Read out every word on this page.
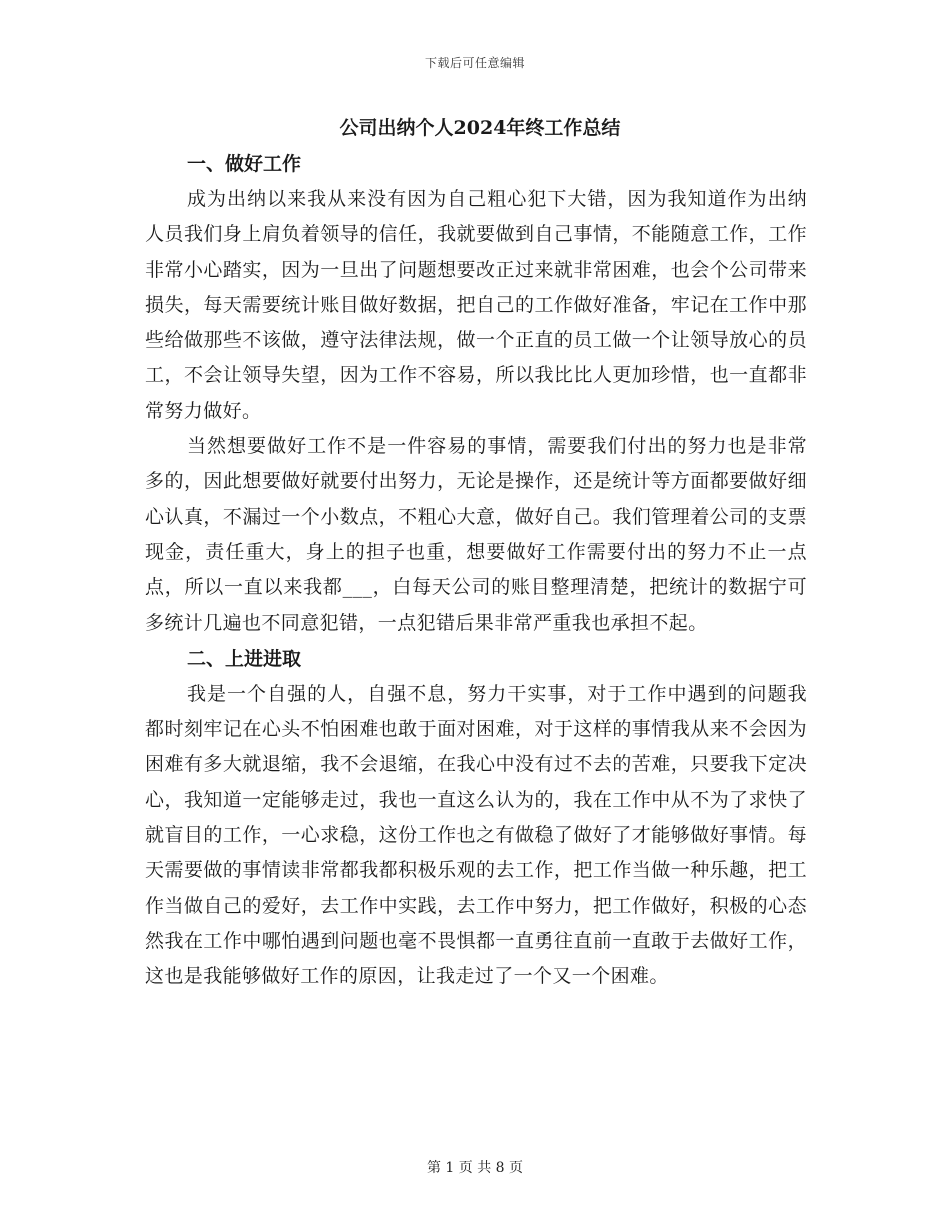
下载后可任意编辑
公司出纳个人2024年终工作总结
一、做好工作

成为出纳以来我从来没有因为自己粗心犯下大错，因为我知道作为出纳人员我们身上肩负着领导的信任，我就要做到自己事情，不能随意工作，工作非常小心踏实，因为一旦出了问题想要改正过来就非常困难，也会个公司带来损失，每天需要统计账目做好数据，把自己的工作做好准备，牢记在工作中那些给做那些不该做，遵守法律法规，做一个正直的员工做一个让领导放心的员工，不会让领导失望，因为工作不容易，所以我比比人更加珍惜，也一直都非常努力做好。

当然想要做好工作不是一件容易的事情，需要我们付出的努力也是非常多的，因此想要做好就要付出努力，无论是操作，还是统计等方面都要做好细心认真，不漏过一个小数点，不粗心大意，做好自己。我们管理着公司的支票现金，责任重大，身上的担子也重，想要做好工作需要付出的努力不止一点点，所以一直以来我都___，白每天公司的账目整理清楚，把统计的数据宁可多统计几遍也不同意犯错，一点犯错后果非常严重我也承担不起。

二、上进进取

我是一个自强的人，自强不息，努力干实事，对于工作中遇到的问题我都时刻牢记在心头不怕困难也敢于面对困难，对于这样的事情我从来不会因为困难有多大就退缩，我不会退缩，在我心中没有过不去的苦难，只要我下定决心，我知道一定能够走过，我也一直这么认为的，我在工作中从不为了求快了就盲目的工作，一心求稳，这份工作也之有做稳了做好了才能够做好事情。每天需要做的事情读非常都我都积极乐观的去工作，把工作当做一种乐趣，把工作当做自己的爱好，去工作中实践，去工作中努力，把工作做好，积极的心态然我在工作中哪怕遇到问题也毫不畏惧都一直勇往直前一直敢于去做好工作，这也是我能够做好工作的原因，让我走过了一个又一个困难。

第 1 页 共 8 页
